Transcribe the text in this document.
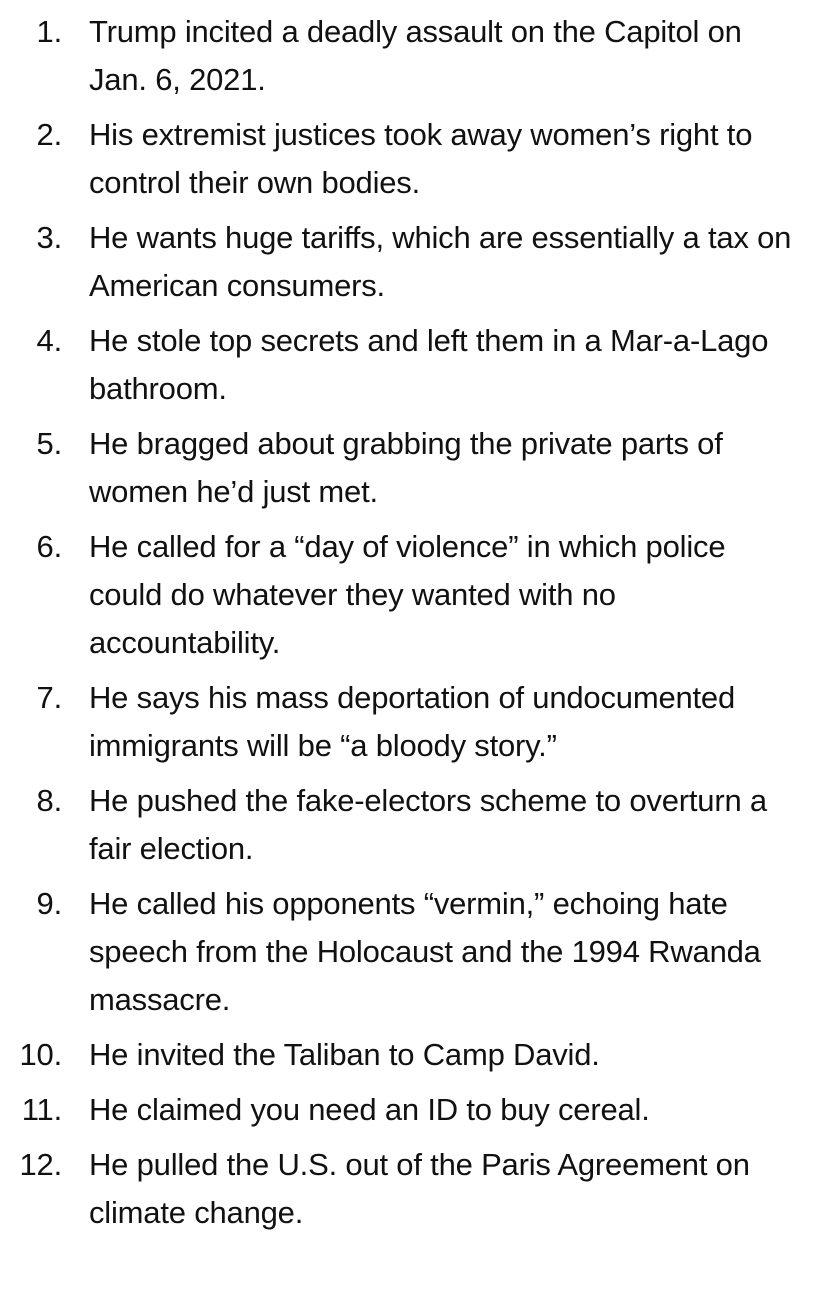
1. Trump incited a deadly assault on the Capitol on Jan. 6, 2021.
2. His extremist justices took away women’s right to control their own bodies.
3. He wants huge tariffs, which are essentially a tax on American consumers.
4. He stole top secrets and left them in a Mar-a-Lago bathroom.
5. He bragged about grabbing the private parts of women he’d just met.
6. He called for a “day of violence” in which police could do whatever they wanted with no accountability.
7. He says his mass deportation of undocumented immigrants will be “a bloody story.”
8. He pushed the fake-electors scheme to overturn a fair election.
9. He called his opponents “vermin,” echoing hate speech from the Holocaust and the 1994 Rwanda massacre.
10. He invited the Taliban to Camp David.
11. He claimed you need an ID to buy cereal.
12. He pulled the U.S. out of the Paris Agreement on climate change.
